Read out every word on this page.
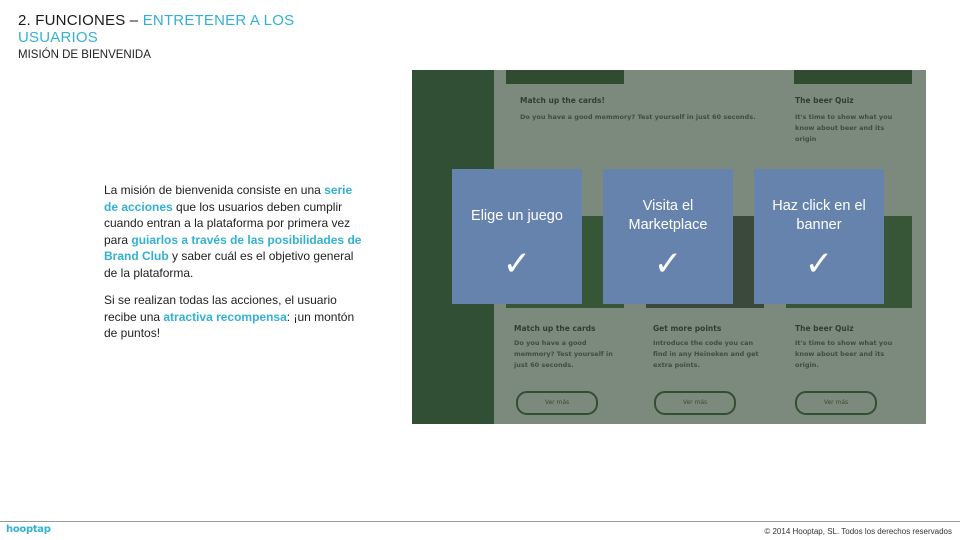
2. FUNCIONES – ENTRETENER A LOS USUARIOS
MISIÓN DE BIENVENIDA

La misión de bienvenida consiste en una serie de acciones que los usuarios deben cumplir cuando entran a la plataforma por primera vez para guiarlos a través de las posibilidades de Brand Club y saber cuál es el objetivo general de la plataforma.

Si se realizan todas las acciones, el usuario recibe una atractiva recompensa: ¡un montón de puntos!

Match up the cards!
Do you have a good memmory? Test yourself in just 60 seconds.
The beer Quiz
It's time to show what you know about beer and its origin
Match up the cards
Do you have a good memmory? Test yourself in just 60 seconds.
Ver más
Get more points
Introduce the code you can find in any Heineken and get extra points.
Ver más
The beer Quiz
It's time to show what you know about beer and its origin.
Ver más
Elige un juego
✓
Visita el Marketplace
✓
Haz click en el banner
✓
hooptap	© 2014 Hooptap, SL. Todos los derechos reservados
